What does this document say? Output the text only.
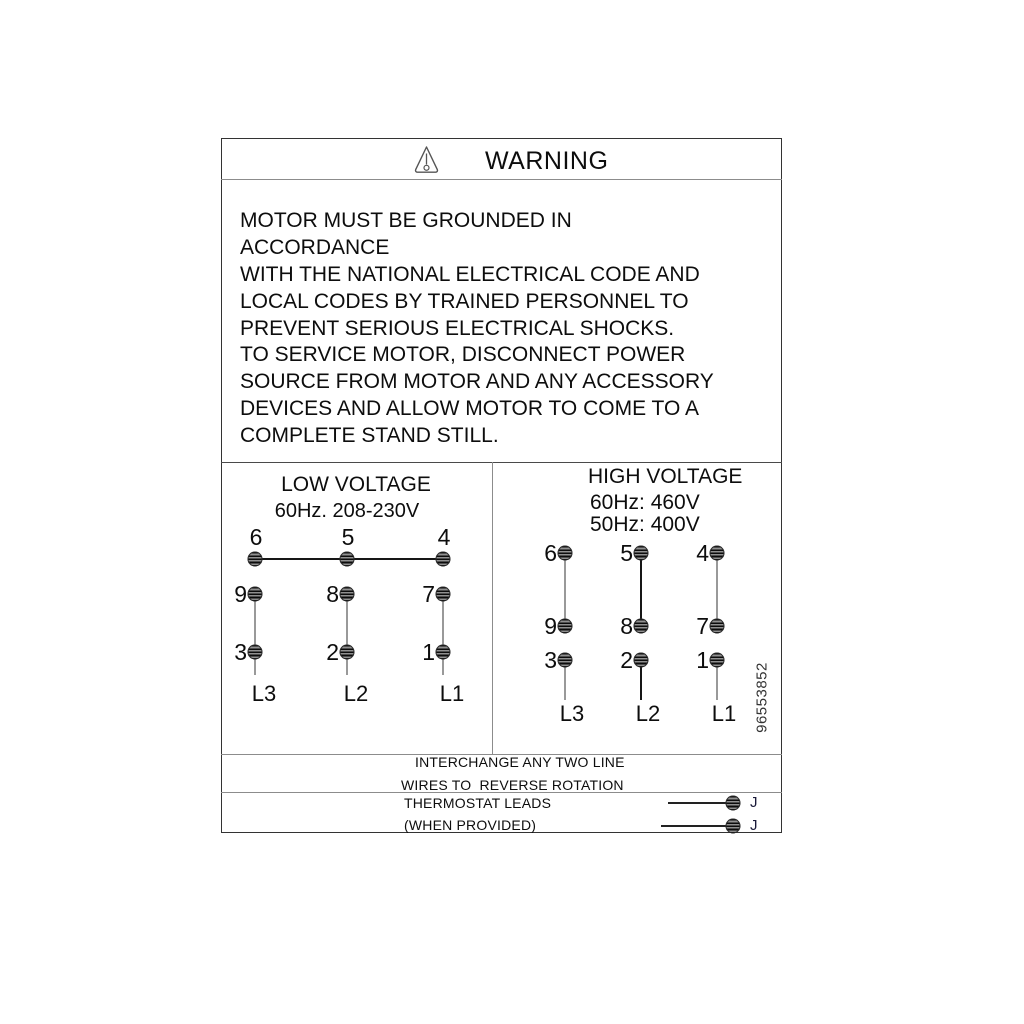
WARNING
MOTOR MUST BE GROUNDED IN ACCORDANCE
WITH THE NATIONAL ELECTRICAL CODE AND
LOCAL CODES BY TRAINED PERSONNEL TO
PREVENT SERIOUS ELECTRICAL SHOCKS.
TO SERVICE MOTOR, DISCONNECT POWER
SOURCE FROM MOTOR AND ANY ACCESSORY
DEVICES AND ALLOW MOTOR TO COME TO A
COMPLETE STAND STILL.
LOW VOLTAGE
60Hz. 208-230V
HIGH VOLTAGE
60Hz: 460V
50Hz: 400V
6
9
3
L3
5
8
2
L2
4
7
1
L1
6
9
3
L3
5
8
2
L2
4
7
1
L1
INTERCHANGE ANY TWO LINE
WIRES TO  REVERSE ROTATION
THERMOSTAT LEADS
(WHEN PROVIDED)
J
J
96553852
